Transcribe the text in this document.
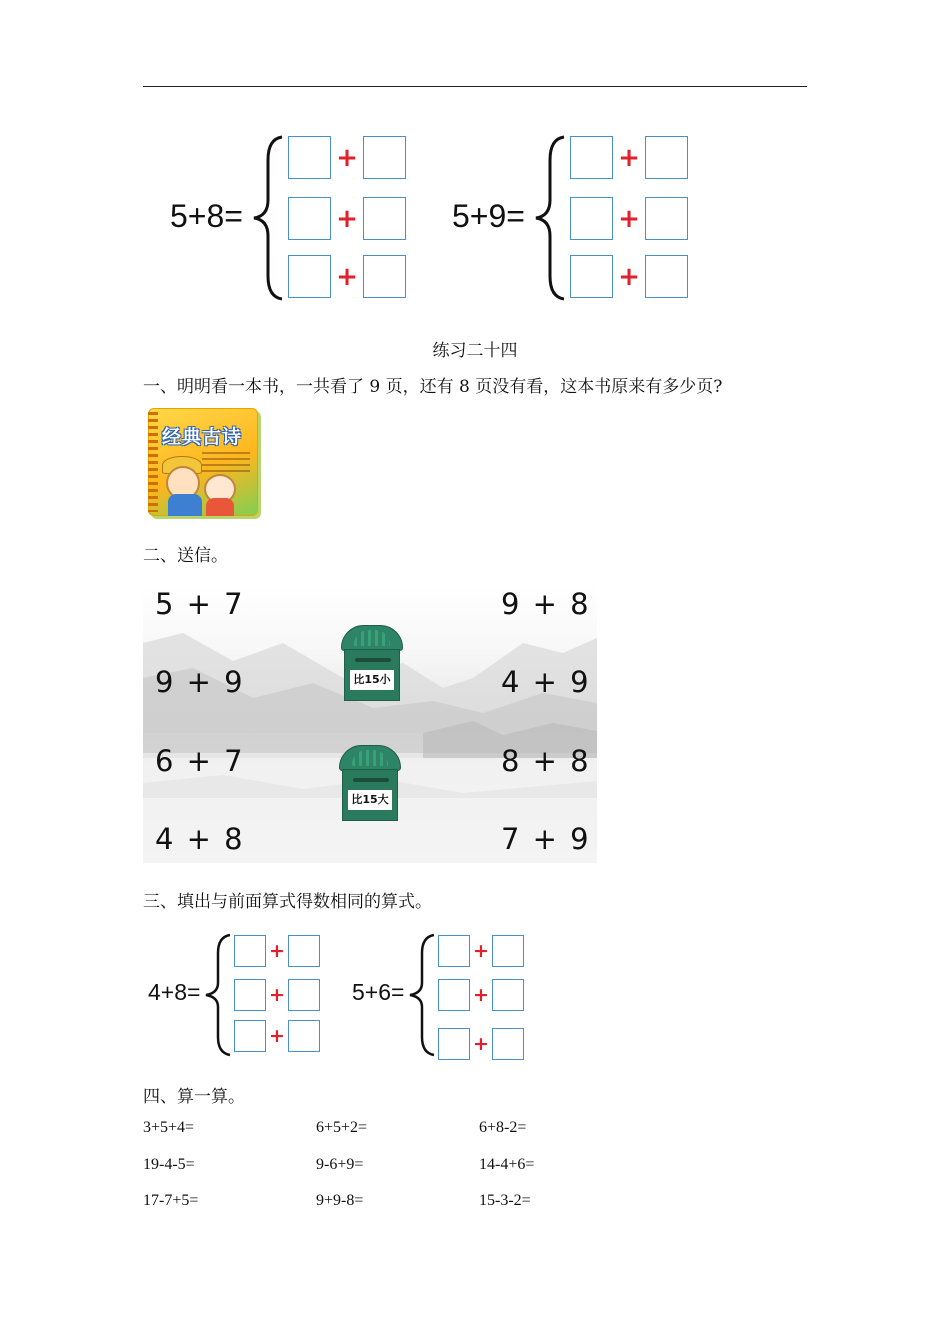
5+8=
+
+
+
5+9=
+
+
+
练习二十四
一、明明看一本书，一共看了 9 页，还有 8 页没有看，这本书原来有多少页?
经典古诗
二、送信。
5 + 7
9 + 9
6 + 7
4 + 8
9 + 8
4 + 9
8 + 8
7 + 9
比15小
比15大
三、填出与前面算式得数相同的算式。
4+8=
+
+
+
5+6=
+
+
+
四、算一算。
3+5+4=	6+5+2=	6+8-2=
19-4-5=	9-6+9=	14-4+6=
17-7+5=	9+9-8=	15-3-2=
